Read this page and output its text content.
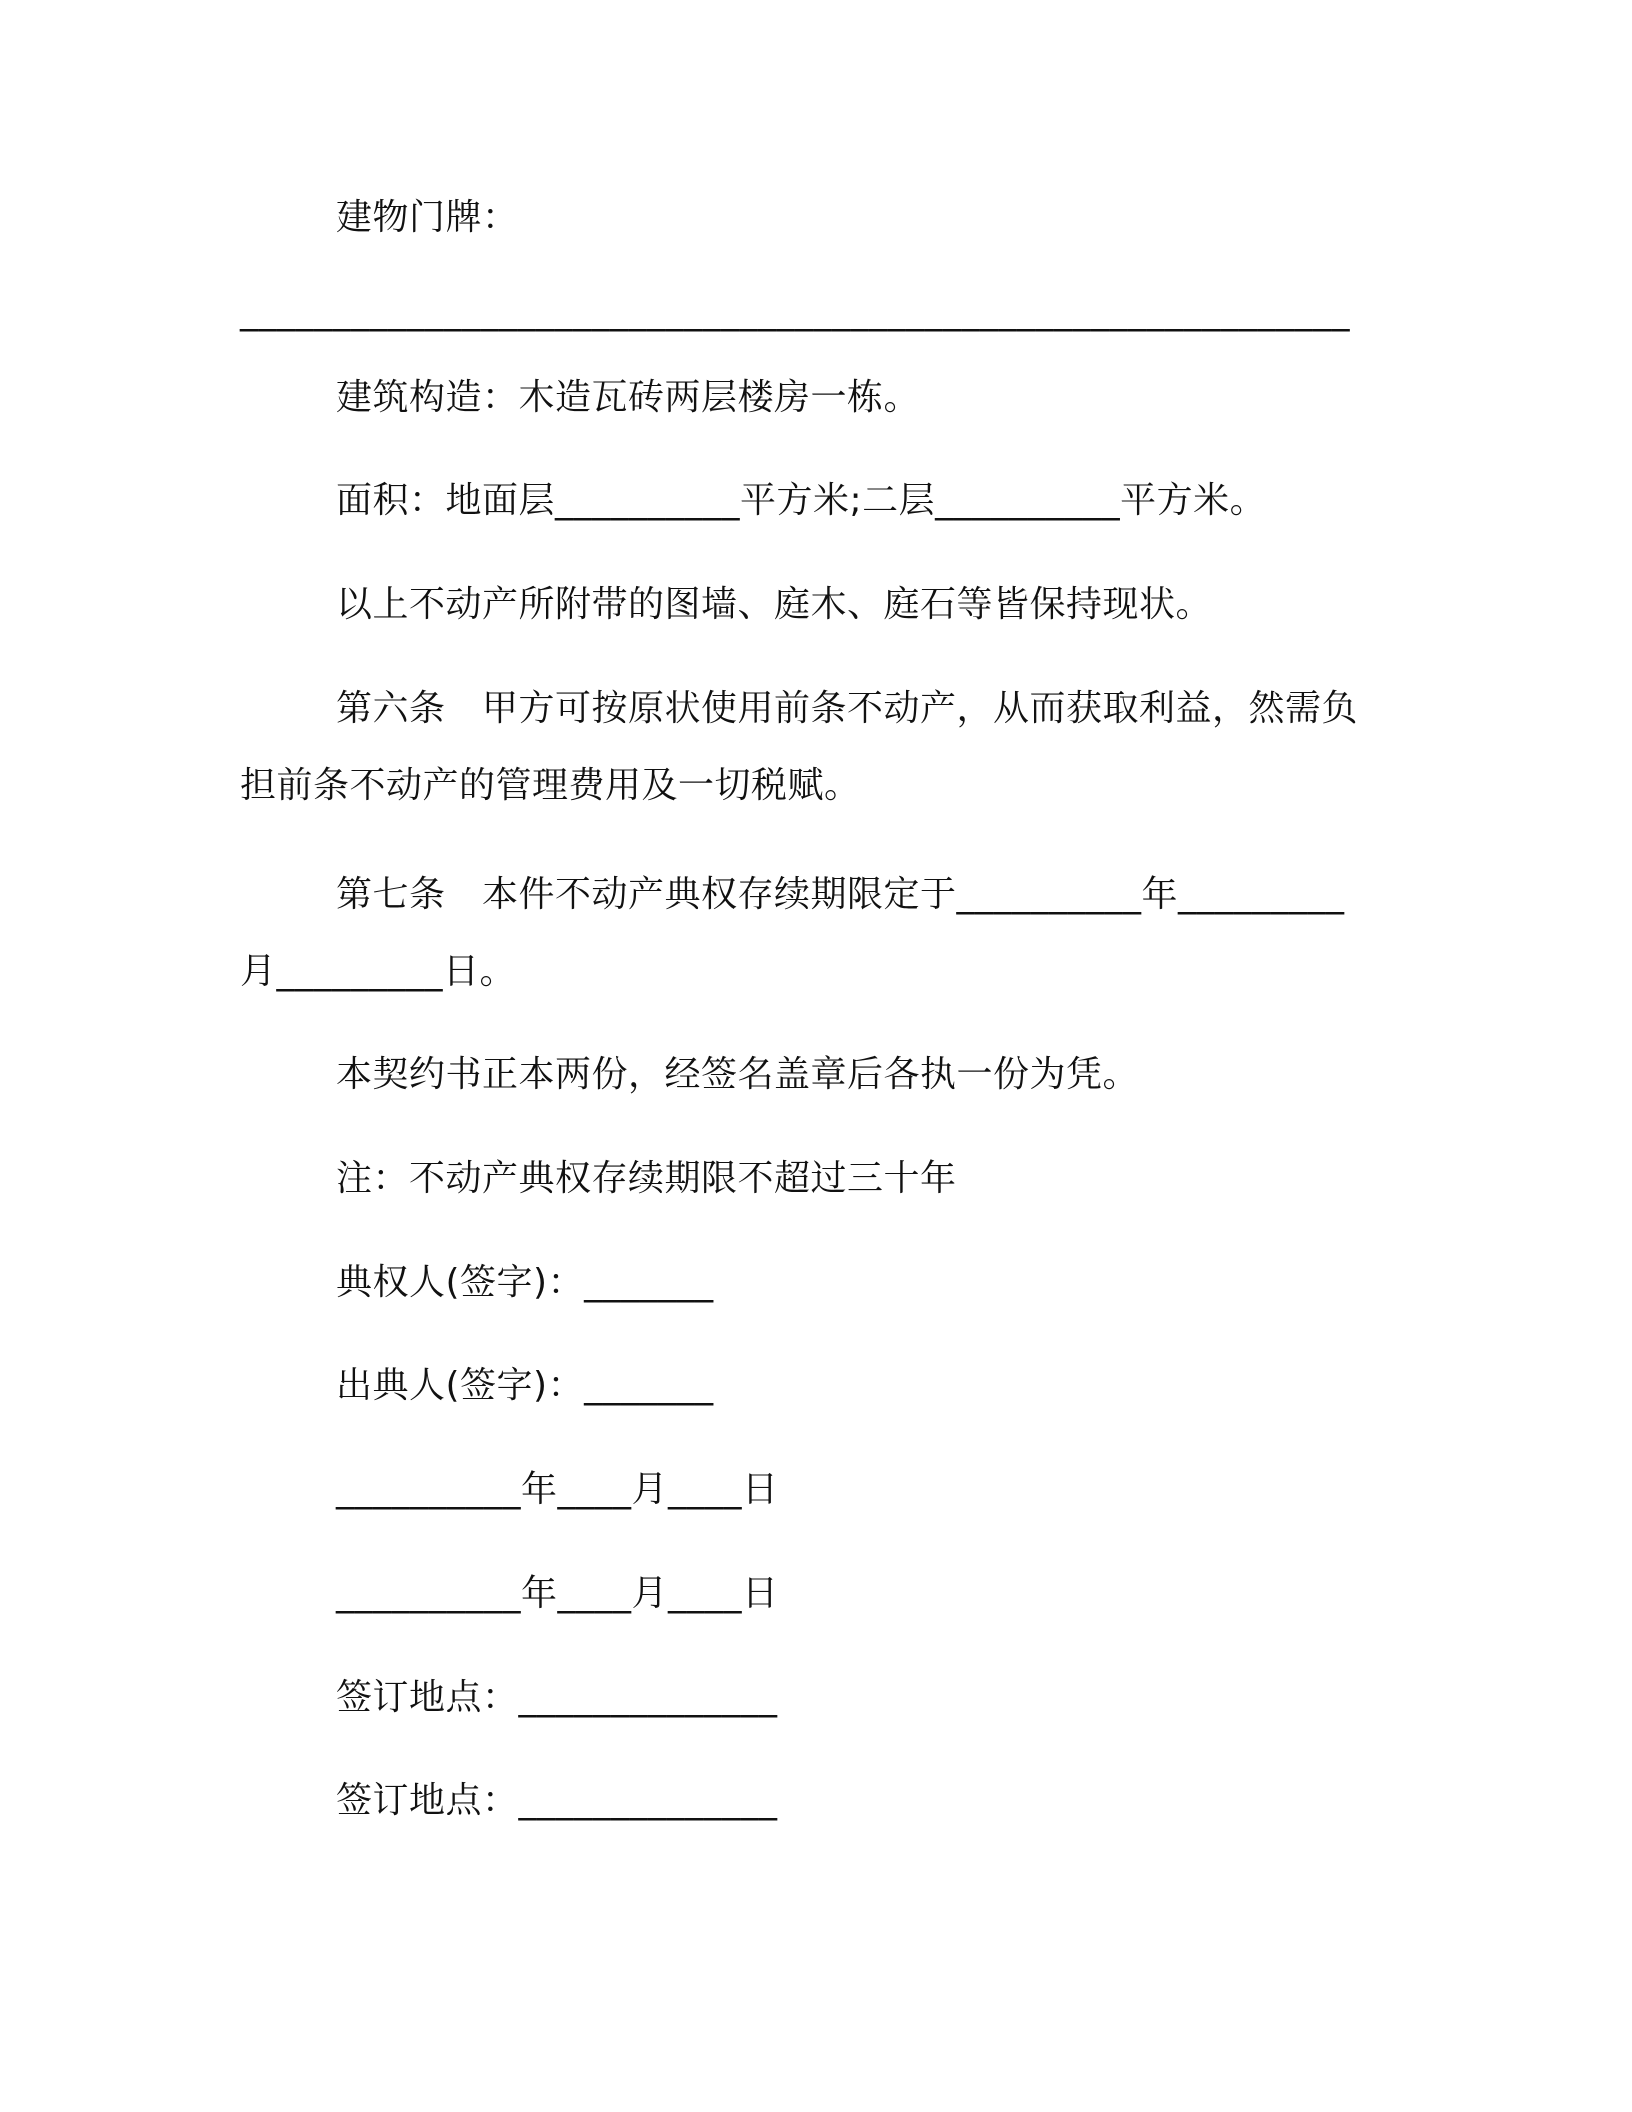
建物门牌：
____________________________________________________________
建筑构造：木造瓦砖两层楼房一栋。
面积：地面层__________平方米;二层__________平方米。
以上不动产所附带的图墙、庭木、庭石等皆保持现状。
第六条　甲方可按原状使用前条不动产，从而获取利益，然需负
担前条不动产的管理费用及一切税赋。
第七条　本件不动产典权存续期限定于__________年_________
月_________日。
本契约书正本两份，经签名盖章后各执一份为凭。
注：不动产典权存续期限不超过三十年
典权人(签字)：_______
出典人(签字)：_______
__________年____月____日
__________年____月____日
签订地点：______________
签订地点：______________
